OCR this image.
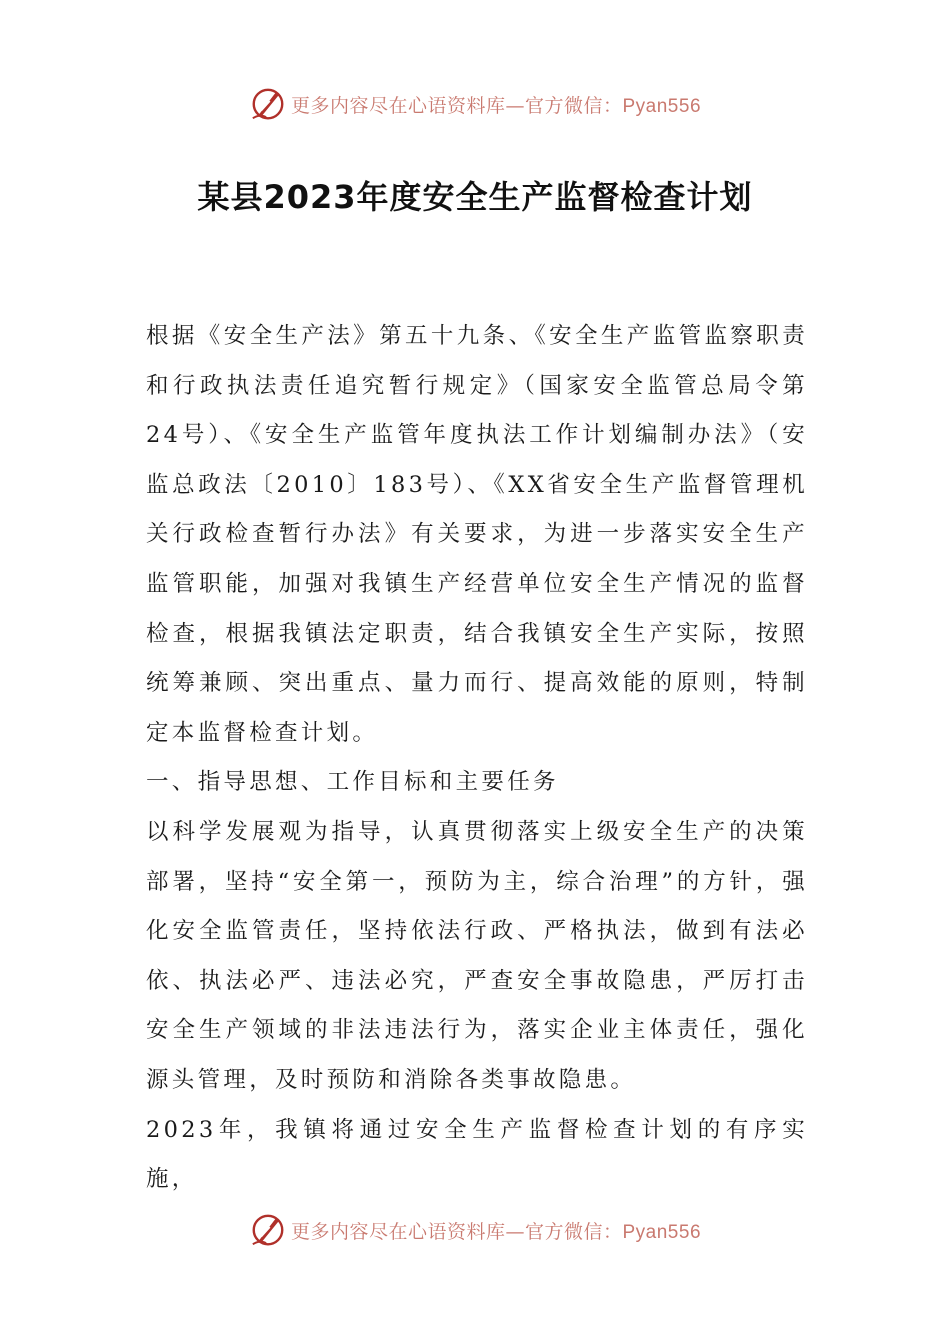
更多内容尽在心语资料库—官方微信：Pyan556
某县2023年度安全生产监督检查计划

根据《安全生产法》第五十九条、《安全生产监管监察职责和行政执法责任追究暂行规定》（国家安全监管总局令第24号）、《安全生产监管年度执法工作计划编制办法》（安监总政法〔2010〕183号）、《XX省安全生产监督管理机关行政检查暂行办法》有关要求，为进一步落实安全生产监管职能，加强对我镇生产经营单位安全生产情况的监督检查，根据我镇法定职责，结合我镇安全生产实际，按照统筹兼顾、突出重点、量力而行、提高效能的原则，特制定本监督检查计划。

一、指导思想、工作目标和主要任务

以科学发展观为指导，认真贯彻落实上级安全生产的决策部署，坚持“安全第一，预防为主，综合治理”的方针，强化安全监管责任，坚持依法行政、严格执法，做到有法必依、执法必严、违法必究，严查安全事故隐患，严厉打击安全生产领域的非法违法行为，落实企业主体责任，强化源头管理，及时预防和消除各类事故隐患。

2023年，我镇将通过安全生产监督检查计划的有序实施，

更多内容尽在心语资料库—官方微信：Pyan556
